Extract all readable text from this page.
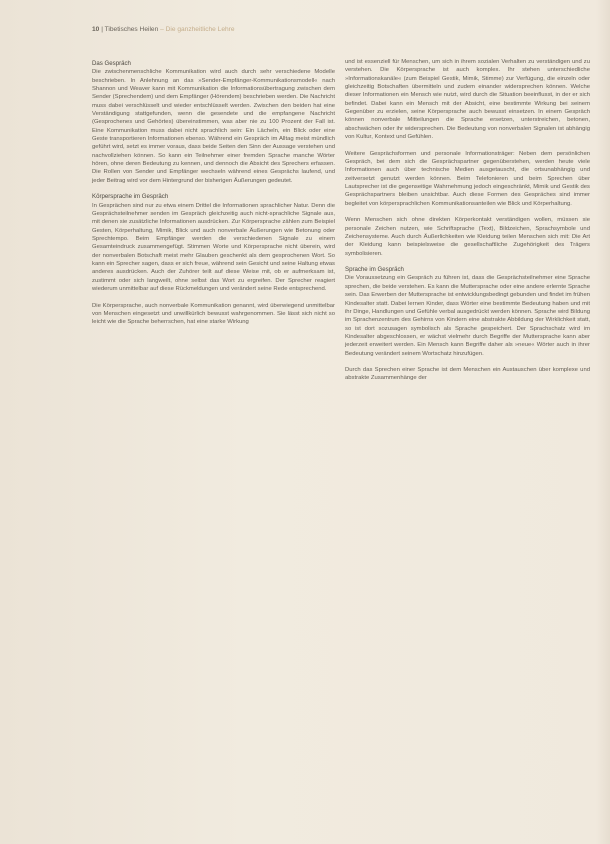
10 | Tibetisches Heilen – Die ganzheitliche Lehre
Das Gespräch

Die zwischenmenschliche Kommunikation wird auch durch sehr verschiedene Modelle beschrieben. In Anlehnung an das »Sender-Empfänger-Kommunikationsmodell« nach Shannon und Weaver kann mit Kommunikation die Informationsübertragung zwischen dem Sender (Sprechendem) und dem Empfänger (Hörendem) beschrieben werden. Die Nachricht muss dabei verschlüsselt und wieder entschlüsselt werden. Zwischen den beiden hat eine Verständigung stattgefunden, wenn die gesendete und die empfangene Nachricht (Gesprochenes und Gehörtes) übereinstimmen, was aber nie zu 100 Prozent der Fall ist. Eine Kommunikation muss dabei nicht sprachlich sein: Ein Lächeln, ein Blick oder eine Geste transportieren Informationen ebenso. Während ein Gespräch im Alltag meist mündlich geführt wird, setzt es immer voraus, dass beide Seiten den Sinn der Aussage verstehen und nachvollziehen können. So kann ein Teilnehmer einer fremden Sprache manche Wörter hören, ohne deren Bedeutung zu kennen, und dennoch die Absicht des Sprechers erfassen. Die Rollen von Sender und Empfänger wechseln während eines Gesprächs laufend, und jeder Beitrag wird vor dem Hintergrund der bisherigen Äußerungen gedeutet.

Körpersprache im Gespräch

In Gesprächen sind nur zu etwa einem Drittel die Informationen sprachlicher Natur. Denn die Gesprächsteilnehmer senden im Gespräch gleichzeitig auch nicht-sprachliche Signale aus, mit denen sie zusätzliche Informationen ausdrücken. Zur Körpersprache zählen zum Beispiel Gesten, Körperhaltung, Mimik, Blick und auch nonverbale Äußerungen wie Betonung oder Sprechtempo. Beim Empfänger werden die verschiedenen Signale zu einem Gesamteindruck zusammengefügt. Stimmen Worte und Körpersprache nicht überein, wird der nonverbalen Botschaft meist mehr Glauben geschenkt als dem gesprochenen Wort. So kann ein Sprecher sagen, dass er sich freue, während sein Gesicht und seine Haltung etwas anderes ausdrücken. Auch der Zuhörer teilt auf diese Weise mit, ob er aufmerksam ist, zustimmt oder sich langweilt, ohne selbst das Wort zu ergreifen. Der Sprecher reagiert wiederum unmittelbar auf diese Rückmeldungen und verändert seine Rede entsprechend.

Die Körpersprache, auch nonverbale Kommunikation genannt, wird überwiegend unmittelbar von Menschen eingesetzt und unwillkürlich bewusst wahrgenommen. Sie lässt sich nicht so leicht wie die Sprache beherrschen, hat eine starke Wirkung

und ist essenziell für Menschen, um sich in ihrem sozialen Verhalten zu verständigen und zu verstehen. Die Körpersprache ist auch komplex. Ihr stehen unterschiedliche »Informationskanäle« (zum Beispiel Gestik, Mimik, Stimme) zur Verfügung, die einzeln oder gleichzeitig Botschaften übermitteln und zudem einander widersprechen können. Welche dieser Informationen ein Mensch wie nutzt, wird durch die Situation beeinflusst, in der er sich befindet. Dabei kann ein Mensch mit der Absicht, eine bestimmte Wirkung bei seinem Gegenüber zu erzielen, seine Körpersprache auch bewusst einsetzen. In einem Gespräch können nonverbale Mitteilungen die Sprache ersetzen, unterstreichen, betonen, abschwächen oder ihr widersprechen. Die Bedeutung von nonverbalen Signalen ist abhängig von Kultur, Kontext und Gefühlen.

Weitere Gesprächsformen und personale Informationsträger: Neben dem persönlichen Gespräch, bei dem sich die Gesprächspartner gegenüberstehen, werden heute viele Informationen auch über technische Medien ausgetauscht, die ortsunabhängig und zeitversetzt genutzt werden können. Beim Telefonieren und beim Sprechen über Lautsprecher ist die gegenseitige Wahrnehmung jedoch eingeschränkt, Mimik und Gestik des Gesprächspartners bleiben unsichtbar. Auch diese Formen des Gespräches sind immer begleitet von körpersprachlichen Kommunikationsanteilen wie Blick und Körperhaltung.

Wenn Menschen sich ohne direkten Körperkontakt verständigen wollen, müssen sie personale Zeichen nutzen, wie Schriftsprache (Text), Bildzeichen, Sprachsymbole und Zeichensysteme. Auch durch Äußerlichkeiten wie Kleidung teilen Menschen sich mit: Die Art der Kleidung kann beispielsweise die gesellschaftliche Zugehörigkeit des Trägers symbolisieren.

Sprache im Gespräch

Die Voraussetzung ein Gespräch zu führen ist, dass die Gesprächsteilnehmer eine Sprache sprechen, die beide verstehen. Es kann die Muttersprache oder eine andere erlernte Sprache sein. Das Erwerben der Muttersprache ist entwicklungsbedingt gebunden und findet im frühen Kindesalter statt. Dabei lernen Kinder, dass Wörter eine bestimmte Bedeutung haben und mit ihr Dinge, Handlungen und Gefühle verbal ausgedrückt werden können. Sprache wird Bildung im Sprachenzentrum des Gehirns von Kindern eine abstrakte Abbildung der Wirklichkeit statt, so ist dort sozusagen symbolisch als Sprache gespeichert. Der Sprachschatz wird im Kindesalter abgeschlossen, er wächst vielmehr durch Begriffe der Muttersprache kann aber jederzeit erweitert werden. Ein Mensch kann Begriffe daher als »neue« Wörter auch in ihrer Bedeutung verändert seinem Wortschatz hinzufügen.

Durch das Sprechen einer Sprache ist dem Menschen ein Austauschen über komplexe und abstrakte Zusammenhänge der
